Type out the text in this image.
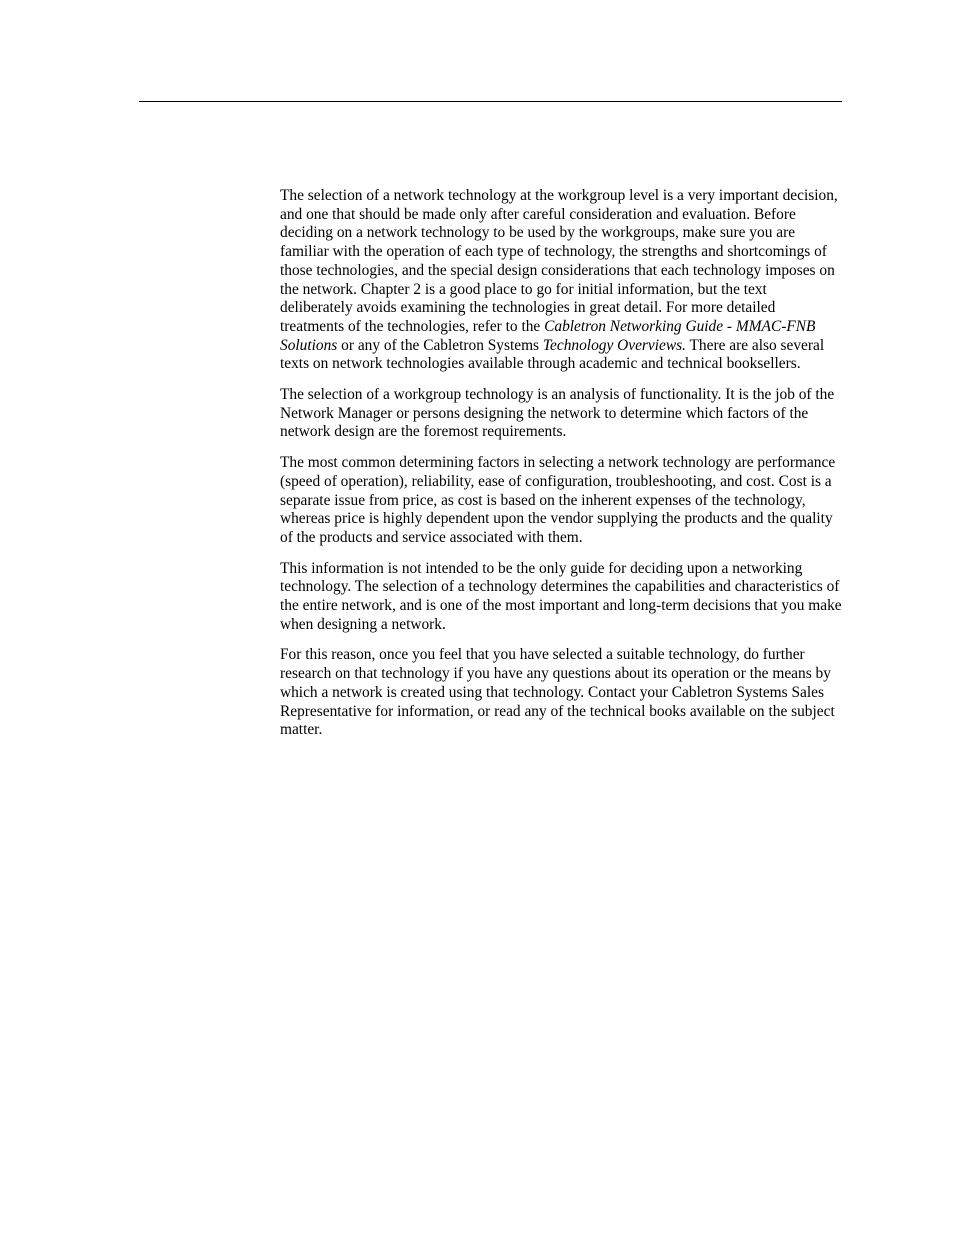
The selection of a network technology at the workgroup level is a very important decision, and one that should be made only after careful consideration and evaluation. Before deciding on a network technology to be used by the workgroups, make sure you are familiar with the operation of each type of technology, the strengths and shortcomings of those technologies, and the special design considerations that each technology imposes on the network. Chapter 2 is a good place to go for initial information, but the text deliberately avoids examining the technologies in great detail. For more detailed treatments of the technologies, refer to the Cabletron Networking Guide - MMAC-FNB Solutions or any of the Cabletron Systems Technology Overviews. There are also several texts on network technologies available through academic and technical booksellers.

The selection of a workgroup technology is an analysis of functionality. It is the job of the Network Manager or persons designing the network to determine which factors of the network design are the foremost requirements.

The most common determining factors in selecting a network technology are performance (speed of operation), reliability, ease of configuration, troubleshooting, and cost. Cost is a separate issue from price, as cost is based on the inherent expenses of the technology, whereas price is highly dependent upon the vendor supplying the products and the quality of the products and service associated with them.

This information is not intended to be the only guide for deciding upon a networking technology. The selection of a technology determines the capabilities and characteristics of the entire network, and is one of the most important and long-term decisions that you make when designing a network.

For this reason, once you feel that you have selected a suitable technology, do further research on that technology if you have any questions about its operation or the means by which a network is created using that technology. Contact your Cabletron Systems Sales Representative for information, or read any of the technical books available on the subject matter.
